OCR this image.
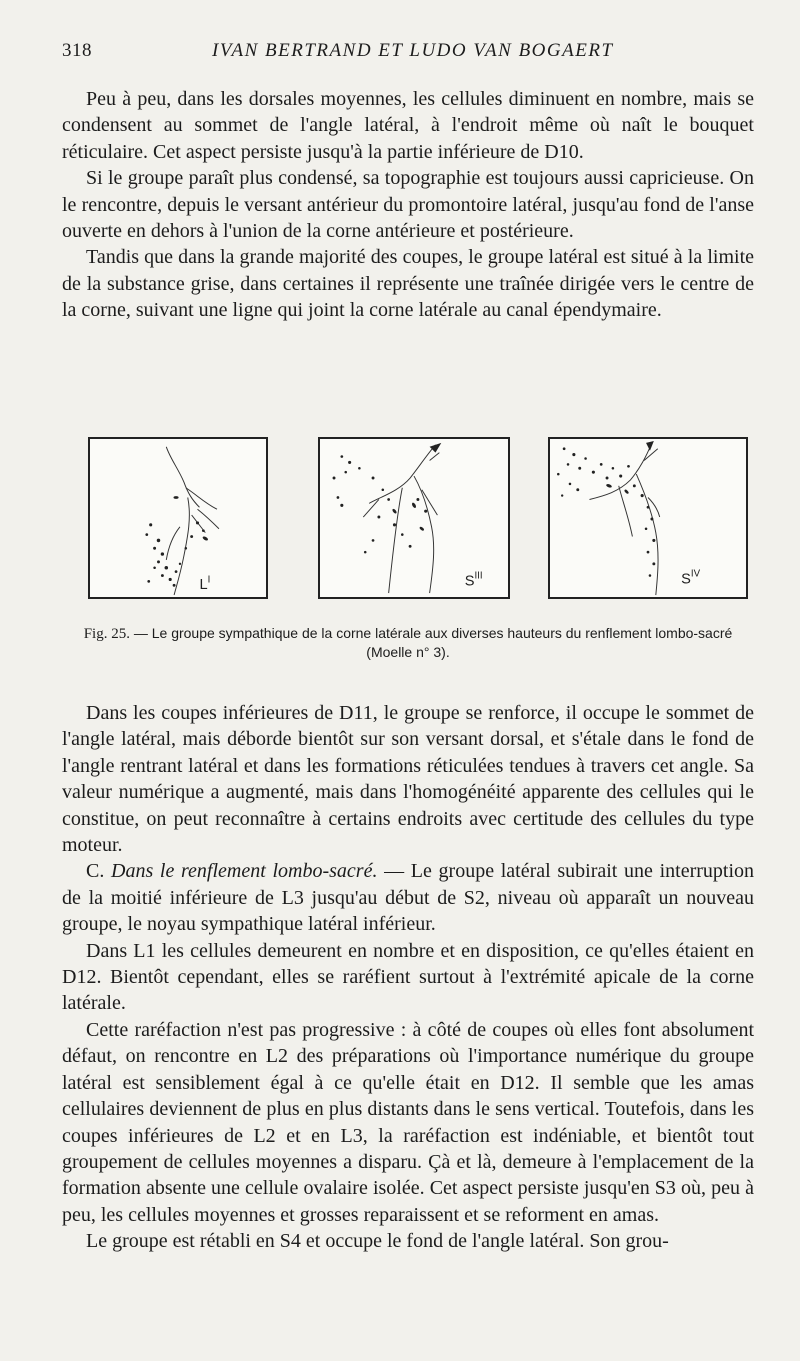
318	IVAN BERTRAND ET LUDO VAN BOGAERT

Peu à peu, dans les dorsales moyennes, les cellules diminuent en nombre, mais se condensent au sommet de l'angle latéral, à l'endroit même où naît le bouquet réticulaire. Cet aspect persiste jusqu'à la partie inférieure de D10.

Si le groupe paraît plus condensé, sa topographie est toujours aussi capricieuse. On le rencontre, depuis le versant antérieur du promontoire latéral, jusqu'au fond de l'anse ouverte en dehors à l'union de la corne antérieure et postérieure.

Tandis que dans la grande majorité des coupes, le groupe latéral est situé à la limite de la substance grise, dans certaines il représente une traînée dirigée vers le centre de la corne, suivant une ligne qui joint la corne latérale au canal épendymaire.

$L^I$	$S^{III}$	$S^{IV}$
Fig. 25. — Le groupe sympathique de la corne latérale aux diverses hauteurs du renflement lombo-sacré (Moelle n° 3).

Dans les coupes inférieures de D11, le groupe se renforce, il occupe le sommet de l'angle latéral, mais déborde bientôt sur son versant dorsal, et s'étale dans le fond de l'angle rentrant latéral et dans les formations réticulées tendues à travers cet angle. Sa valeur numérique a augmenté, mais dans l'homogénéité apparente des cellules qui le constitue, on peut reconnaître à certains endroits avec certitude des cellules du type moteur.

C. Dans le renflement lombo-sacré. — Le groupe latéral subirait une interruption de la moitié inférieure de L3 jusqu'au début de S2, niveau où apparaît un nouveau groupe, le noyau sympathique latéral inférieur.

Dans L1 les cellules demeurent en nombre et en disposition, ce qu'elles étaient en D12. Bientôt cependant, elles se raréfient surtout à l'extrémité apicale de la corne latérale.

Cette raréfaction n'est pas progressive : à côté de coupes où elles font absolument défaut, on rencontre en L2 des préparations où l'importance numérique du groupe latéral est sensiblement égal à ce qu'elle était en D12. Il semble que les amas cellulaires deviennent de plus en plus distants dans le sens vertical. Toutefois, dans les coupes inférieures de L2 et en L3, la raréfaction est indéniable, et bientôt tout groupement de cellules moyennes a disparu. Çà et là, demeure à l'emplacement de la formation absente une cellule ovalaire isolée. Cet aspect persiste jusqu'en S3 où, peu à peu, les cellules moyennes et grosses reparaissent et se reforment en amas.

Le groupe est rétabli en S4 et occupe le fond de l'angle latéral. Son grou-
